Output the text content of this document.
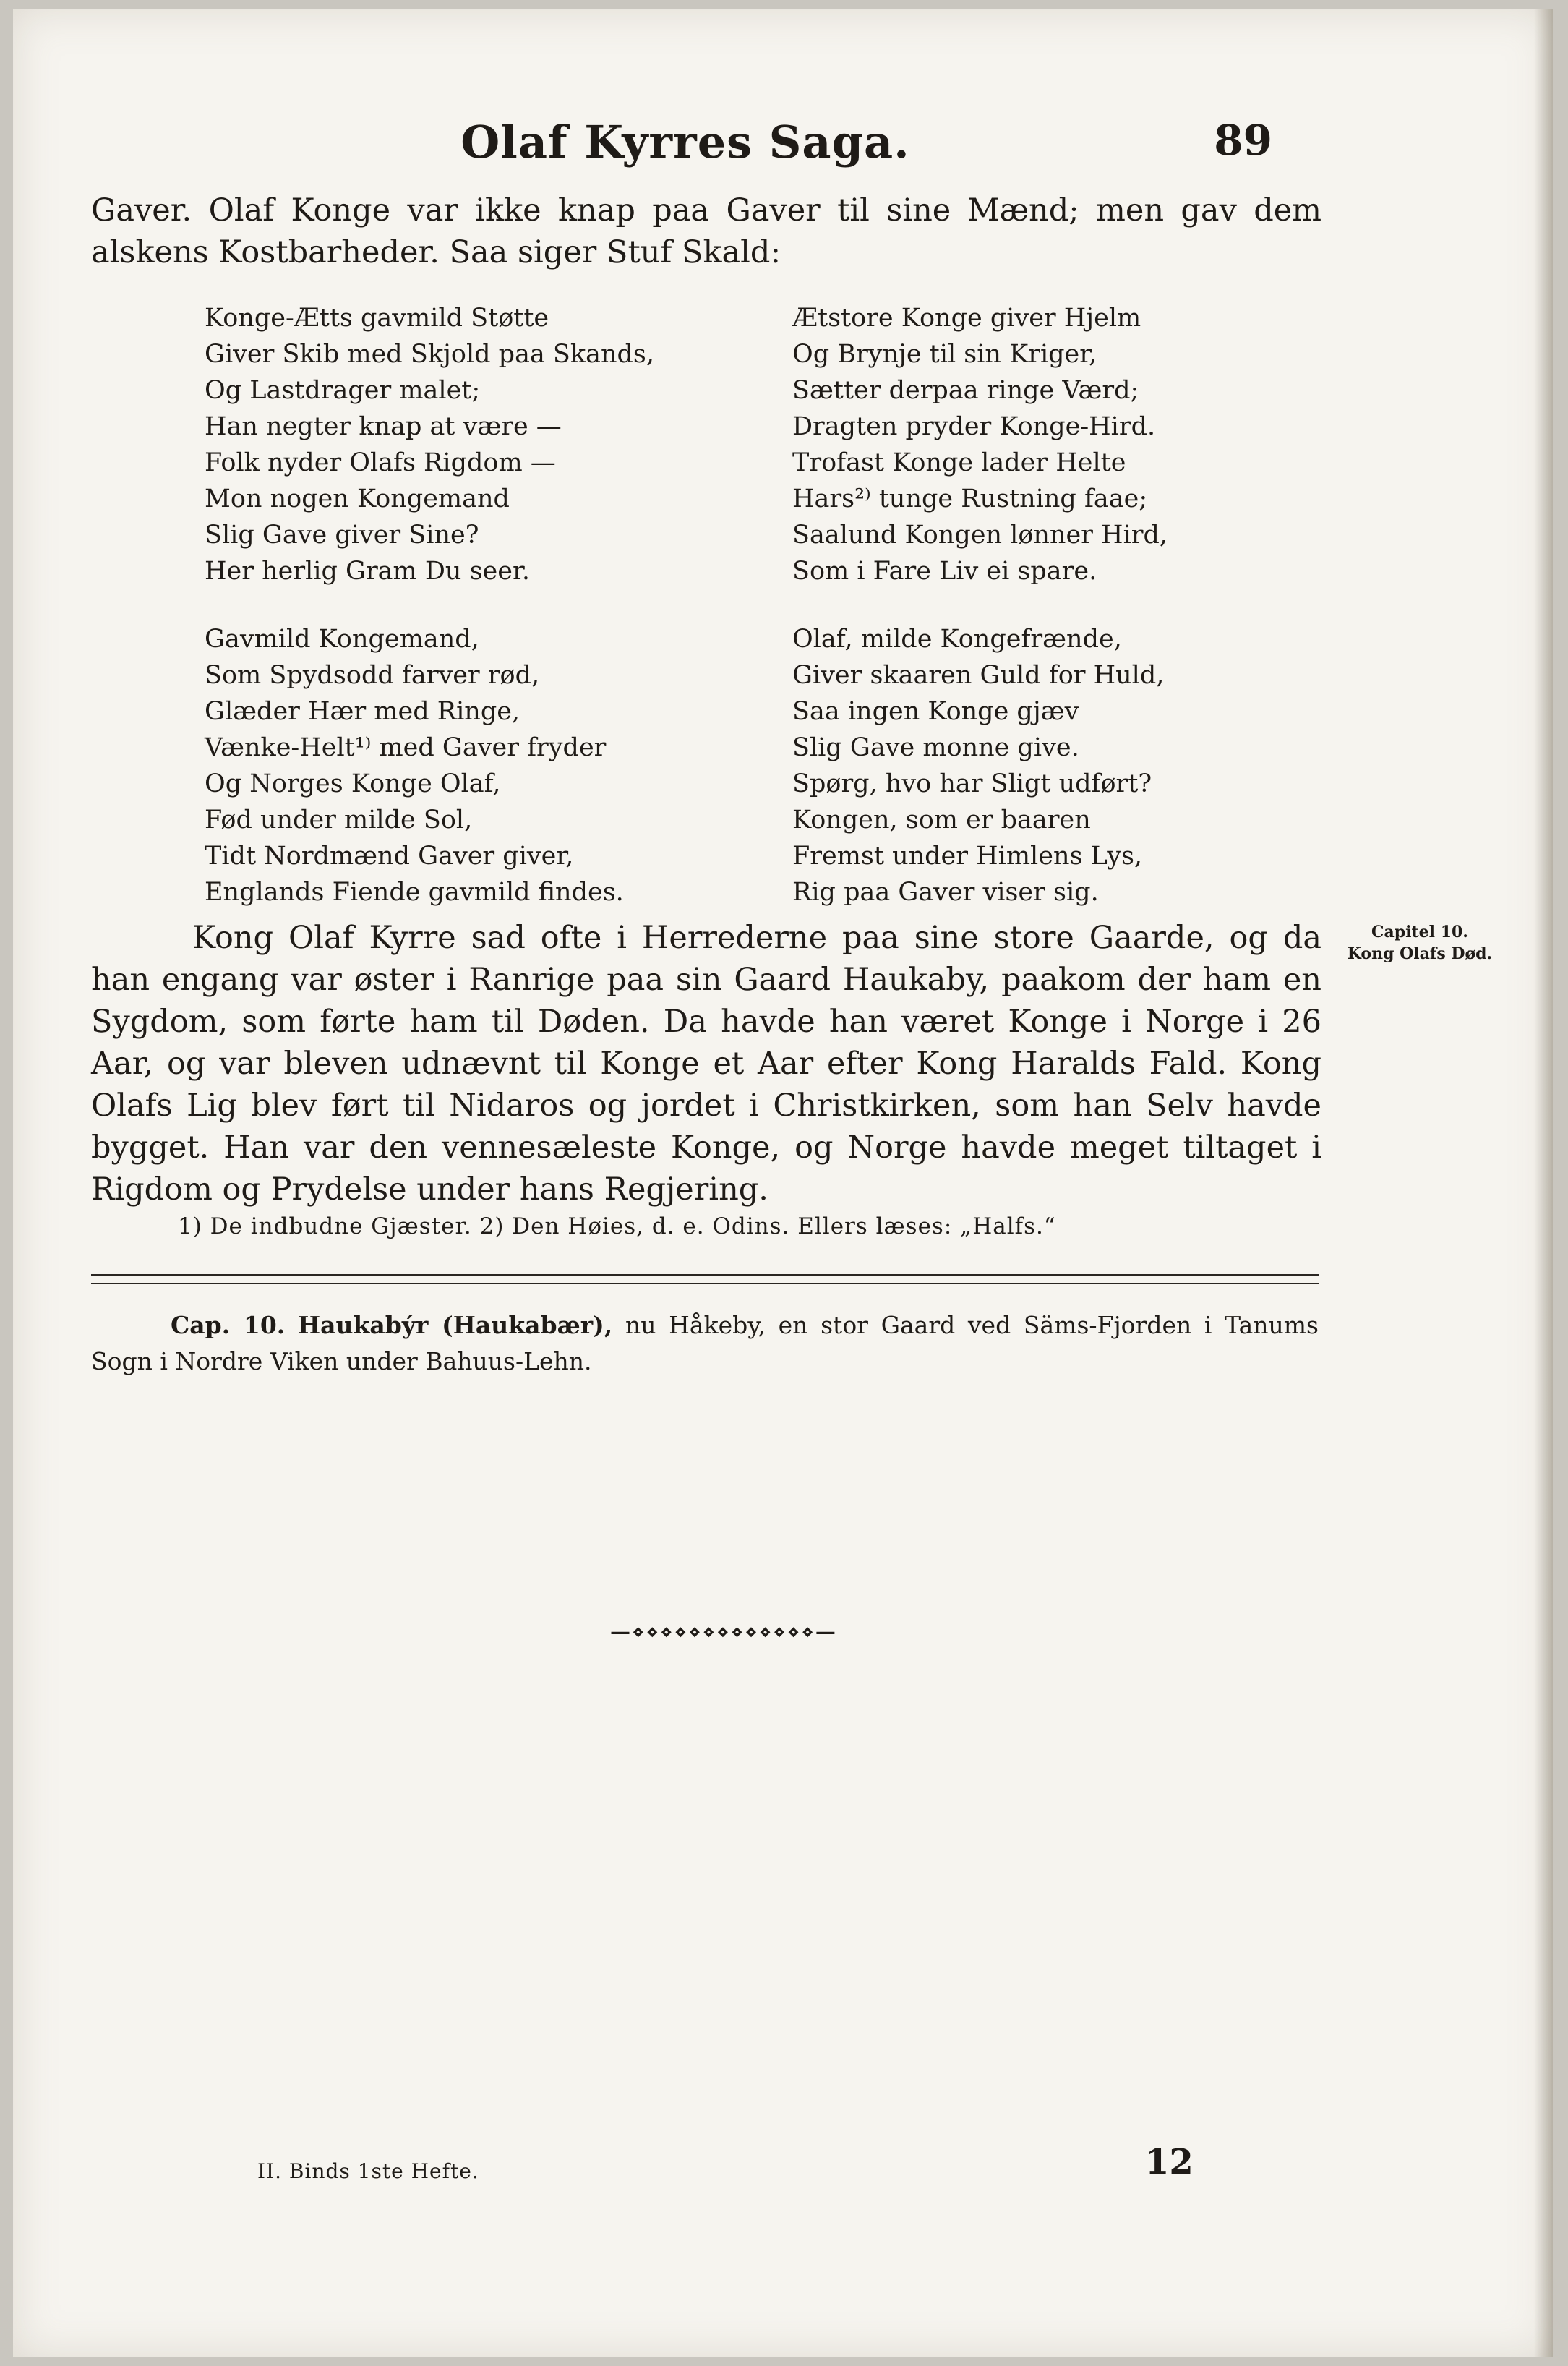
Olaf Kyrres Saga.	89
Gaver. Olaf Konge var ikke knap paa Gaver til sine Mænd; men gav dem alskens Kostbarheder. Saa siger Stuf Skald:
Konge-Ætts gavmild Støtte
Giver Skib med Skjold paa Skands,
Og Lastdrager malet;
Han negter knap at være —
Folk nyder Olafs Rigdom —
Mon nogen Kongemand
Slig Gave giver Sine?
Her herlig Gram Du seer.
Gavmild Kongemand,
Som Spydsodd farver rød,
Glæder Hær med Ringe,
Vænke-Helt¹⁾ med Gaver fryder
Og Norges Konge Olaf,
Fød under milde Sol,
Tidt Nordmænd Gaver giver,
Englands Fiende gavmild findes.
Ætstore Konge giver Hjelm
Og Brynje til sin Kriger,
Sætter derpaa ringe Værd;
Dragten pryder Konge-Hird.
Trofast Konge lader Helte
Hars²⁾ tunge Rustning faae;
Saalund Kongen lønner Hird,
Som i Fare Liv ei spare.
Olaf, milde Kongefrænde,
Giver skaaren Guld for Huld,
Saa ingen Konge gjæv
Slig Gave monne give.
Spørg, hvo har Sligt udført?
Kongen, som er baaren
Fremst under Himlens Lys,
Rig paa Gaver viser sig.
Kong Olaf Kyrre sad ofte i Herrederne paa sine store Gaarde, og da han engang var øster i Ranrige paa sin Gaard Haukaby, paakom der ham en Sygdom, som førte ham til Døden. Da havde han været Konge i Norge i 26 Aar, og var bleven udnævnt til Konge et Aar efter Kong Haralds Fald. Kong Olafs Lig blev ført til Nidaros og jordet i Christkirken, som han Selv havde bygget. Han var den vennesæleste Konge, og Norge havde meget tiltaget i Rigdom og Prydelse under hans Regjering.
Capitel 10.
Kong Olafs Død.
1) De indbudne Gjæster. 2) Den Høies, d. e. Odins. Ellers læses: „Halfs.“
Cap. 10. Haukabýr (Haukabær), nu Håkeby, en stor Gaard ved Säms-Fjorden i Tanums Sogn i Nordre Viken under Bahuus-Lehn.
—⋄⋄⋄⋄⋄⋄⋄⋄⋄⋄⋄⋄⋄—
II. Binds 1ste Hefte.	12
